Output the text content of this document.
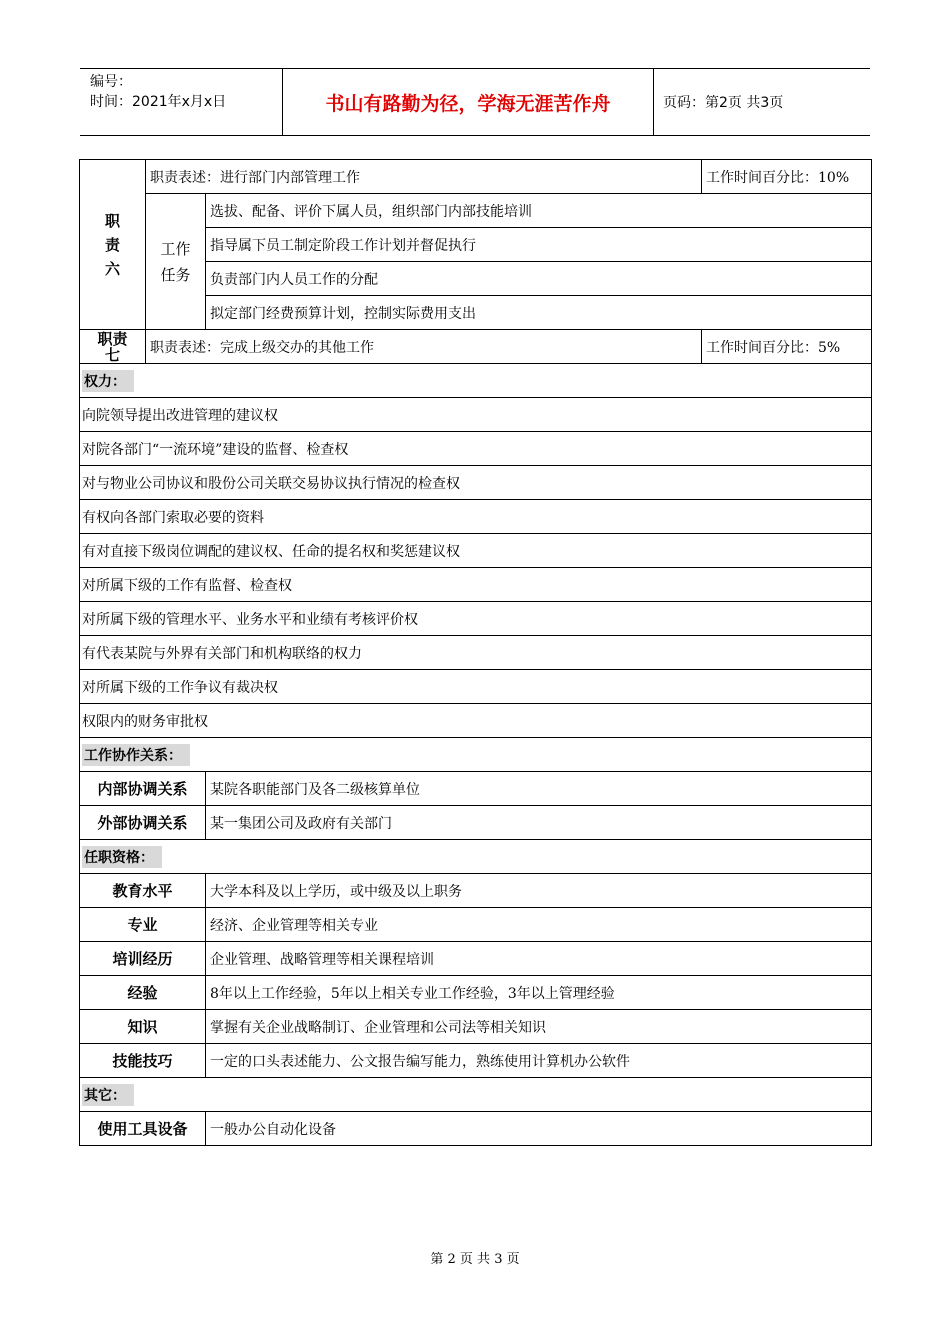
编号：
时间：2021年x月x日	书山有路勤为径，学海无涯苦作舟	页码：第2页 共3页
职
责
六	职责表述：进行部门内部管理工作		工作时间百分比：10%

	工作
任务	选拔、配备、评价下属人员，组织部门内部技能培训	
		指导属下员工制定阶段工作计划并督促执行	
		负责部门内人员工作的分配	
		拟定部门经费预算计划，控制实际费用支出	

职责
七	职责表述：完成上级交办的其他工作		工作时间百分比：5%
权力：			
向院领导提出改进管理的建议权			
对院各部门“一流环境”建设的监督、检查权			
对与物业公司协议和股份公司关联交易协议执行情况的检查权			
有权向各部门索取必要的资料			
有对直接下级岗位调配的建议权、任命的提名权和奖惩建议权			
对所属下级的工作有监督、检查权			
对所属下级的管理水平、业务水平和业绩有考核评价权			
有代表某院与外界有关部门和机构联络的权力			
对所属下级的工作争议有裁决权			
权限内的财务审批权			
工作协作关系：			
内部协调关系		某院各职能部门及各二级核算单位	
外部协调关系		某一集团公司及政府有关部门	
任职资格：			
教育水平		大学本科及以上学历，或中级及以上职务	
专业		经济、企业管理等相关专业	
培训经历		企业管理、战略管理等相关课程培训	
经验		8年以上工作经验，5年以上相关专业工作经验，3年以上管理经验	
知识		掌握有关企业战略制订、企业管理和公司法等相关知识	
技能技巧		一定的口头表述能力、公文报告编写能力，熟练使用计算机办公软件	
其它：			
使用工具设备		一般办公自动化设备	
第 2 页 共 3 页
